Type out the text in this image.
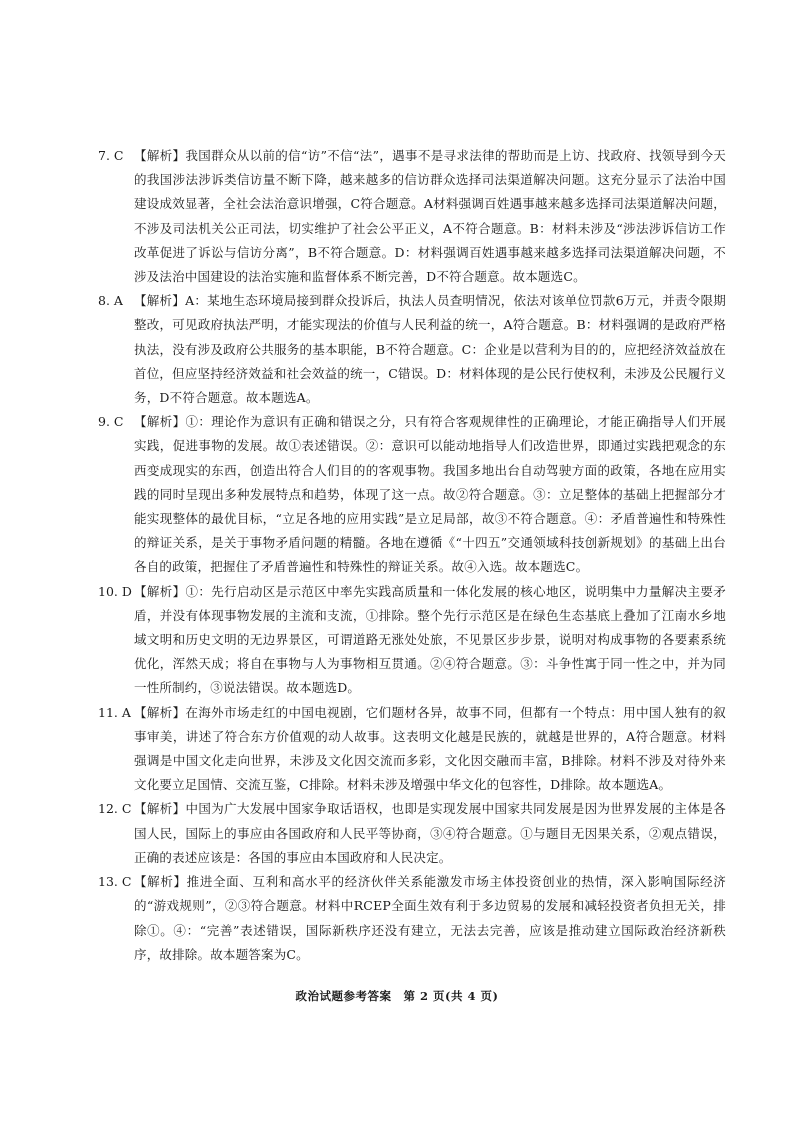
7. C 【解析】我国群众从以前的信“访”不信“法”，遇事不是寻求法律的帮助而是上访、找政府、找领导到今天的我国涉法涉诉类信访量不断下降，越来越多的信访群众选择司法渠道解决问题。这充分显示了法治中国建设成效显著，全社会法治意识增强，C符合题意。A材料强调百姓遇事越来越多选择司法渠道解决问题，不涉及司法机关公正司法，切实维护了社会公平正义，A不符合题意。B：材料未涉及“涉法涉诉信访工作改革促进了诉讼与信访分离”，B不符合题意。D：材料强调百姓遇事越来越多选择司法渠道解决问题，不涉及法治中国建设的法治实施和监督体系不断完善，D不符合题意。故本题选C。
8. A 【解析】A：某地生态环境局接到群众投诉后，执法人员查明情况，依法对该单位罚款6万元，并责令限期整改，可见政府执法严明，才能实现法的价值与人民利益的统一，A符合题意。B：材料强调的是政府严格执法，没有涉及政府公共服务的基本职能，B不符合题意。C：企业是以营利为目的的，应把经济效益放在首位，但应坚持经济效益和社会效益的统一，C错误。D：材料体现的是公民行使权利，未涉及公民履行义务，D不符合题意。故本题选A。
9. C 【解析】①：理论作为意识有正确和错误之分，只有符合客观规律性的正确理论，才能正确指导人们开展实践，促进事物的发展。故①表述错误。②：意识可以能动地指导人们改造世界，即通过实践把观念的东西变成现实的东西，创造出符合人们目的的客观事物。我国多地出台自动驾驶方面的政策，各地在应用实践的同时呈现出多种发展特点和趋势，体现了这一点。故②符合题意。③：立足整体的基础上把握部分才能实现整体的最优目标，“立足各地的应用实践”是立足局部，故③不符合题意。④：矛盾普遍性和特殊性的辩证关系，是关于事物矛盾问题的精髓。各地在遵循《“十四五”交通领域科技创新规划》的基础上出台各自的政策，把握住了矛盾普遍性和特殊性的辩证关系。故④入选。故本题选C。
10. D 【解析】①：先行启动区是示范区中率先实践高质量和一体化发展的核心地区，说明集中力量解决主要矛盾，并没有体现事物发展的主流和支流，①排除。整个先行示范区是在绿色生态基底上叠加了江南水乡地域文明和历史文明的无边界景区，可谓道路无涨处处旅，不见景区步步景，说明对构成事物的各要素系统优化，浑然天成；将自在事物与人为事物相互贯通。②④符合题意。③：斗争性寓于同一性之中，并为同一性所制约，③说法错误。故本题选D。
11. A 【解析】在海外市场走红的中国电视剧，它们题材各异，故事不同，但都有一个特点：用中国人独有的叙事审美，讲述了符合东方价值观的动人故事。这表明文化越是民族的，就越是世界的，A符合题意。材料强调是中国文化走向世界，未涉及文化因交流而多彩，文化因交融而丰富，B排除。材料不涉及对待外来文化要立足国情、交流互鉴，C排除。材料未涉及增强中华文化的包容性，D排除。故本题选A。
12. C 【解析】中国为广大发展中国家争取话语权，也即是实现发展中国家共同发展是因为世界发展的主体是各国人民，国际上的事应由各国政府和人民平等协商，③④符合题意。①与题目无因果关系，②观点错误，正确的表述应该是：各国的事应由本国政府和人民决定。
13. C 【解析】推进全面、互利和高水平的经济伙伴关系能激发市场主体投资创业的热情，深入影响国际经济的“游戏规则”，②③符合题意。材料中RCEP全面生效有利于多边贸易的发展和减轻投资者负担无关，排除①。④：“完善”表述错误，国际新秩序还没有建立，无法去完善，应该是推动建立国际政治经济新秩序，故排除。故本题答案为C。
政治试题参考答案　第 2 页(共 4 页)
